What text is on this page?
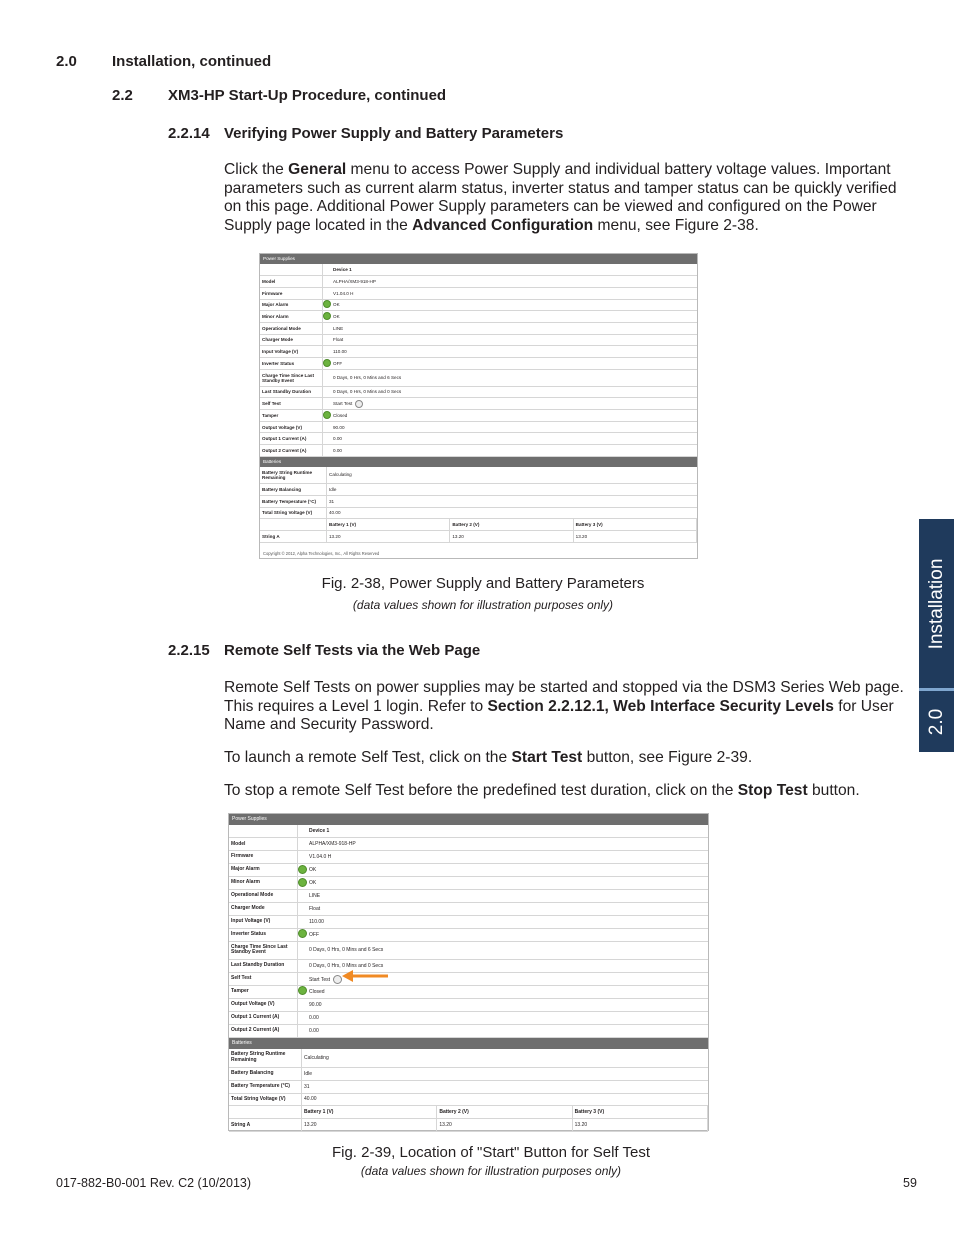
2.0 Installation, continued
2.2 XM3-HP Start-Up Procedure, continued
2.2.14 Verifying Power Supply and Battery Parameters
Click the General menu to access Power Supply and individual battery voltage values. Important parameters such as current alarm status, inverter status and tamper status can be quickly verified on this page. Additional Power Supply parameters can be viewed and configured on the Power Supply page located in the Advanced Configuration menu, see Figure 2-38.
Power Supplies
		Device 1
Model		ALPHA/XM3-918-HP
Firmware		V1.04.0 H
Major Alarm		OK
Minor Alarm		OK
Operational Mode		LINE
Charger Mode		Float
Input Voltage (V)		110.00
Inverter Status		OFF
Charge Time Since Last Standby Event		0 Days, 0 Hrs, 0 Mins and 6 Secs
Last Standby Duration		0 Days, 0 Hrs, 0 Mins and 0 Secs
Self Test		Start Test
Tamper		Closed
Output Voltage (V)		90.00
Output 1 Current (A)		0.00
Output 2 Current (A)		0.00
Batteries
Battery String Runtime Remaining	Calculating		
Battery Balancing	Idle		
Battery Temperature (°C)	31		
Total String Voltage (V)	40.00		
	Battery 1 (V)	Battery 2 (V)	Battery 3 (V)
String A	13.20	13.20	13.20
Copyright © 2012, Alpha Technologies, Inc., All Rights Reserved
Fig. 2-38, Power Supply and Battery Parameters
(data values shown for illustration purposes only)
2.2.15 Remote Self Tests via the Web Page
Remote Self Tests on power supplies may be started and stopped via the DSM3 Series Web page. This requires a Level 1 login. Refer to Section 2.2.12.1, Web Interface Security Levels for User Name and Security Password.
To launch a remote Self Test, click on the Start Test button, see Figure 2-39.
To stop a remote Self Test before the predefined test duration, click on the Stop Test button.
Power Supplies
		Device 1
Model		ALPHA/XM3-918-HP
Firmware		V1.04.0 H
Major Alarm		OK
Minor Alarm		OK
Operational Mode		LINE
Charger Mode		Float
Input Voltage (V)		110.00
Inverter Status		OFF
Charge Time Since Last Standby Event		0 Days, 0 Hrs, 0 Mins and 6 Secs
Last Standby Duration		0 Days, 0 Hrs, 0 Mins and 0 Secs
Self Test		Start Test
Tamper		Closed
Output Voltage (V)		90.00
Output 1 Current (A)		0.00
Output 2 Current (A)		0.00
Batteries
Battery String Runtime Remaining	Calculating		
Battery Balancing	Idle		
Battery Temperature (°C)	31		
Total String Voltage (V)	40.00		
	Battery 1 (V)	Battery 2 (V)	Battery 3 (V)
String A	13.20	13.20	13.20
Fig. 2-39, Location of "Start" Button for Self Test
(data values shown for illustration purposes only)
Installation
2.0
017-882-B0-001 Rev. C2 (10/2013)	59
